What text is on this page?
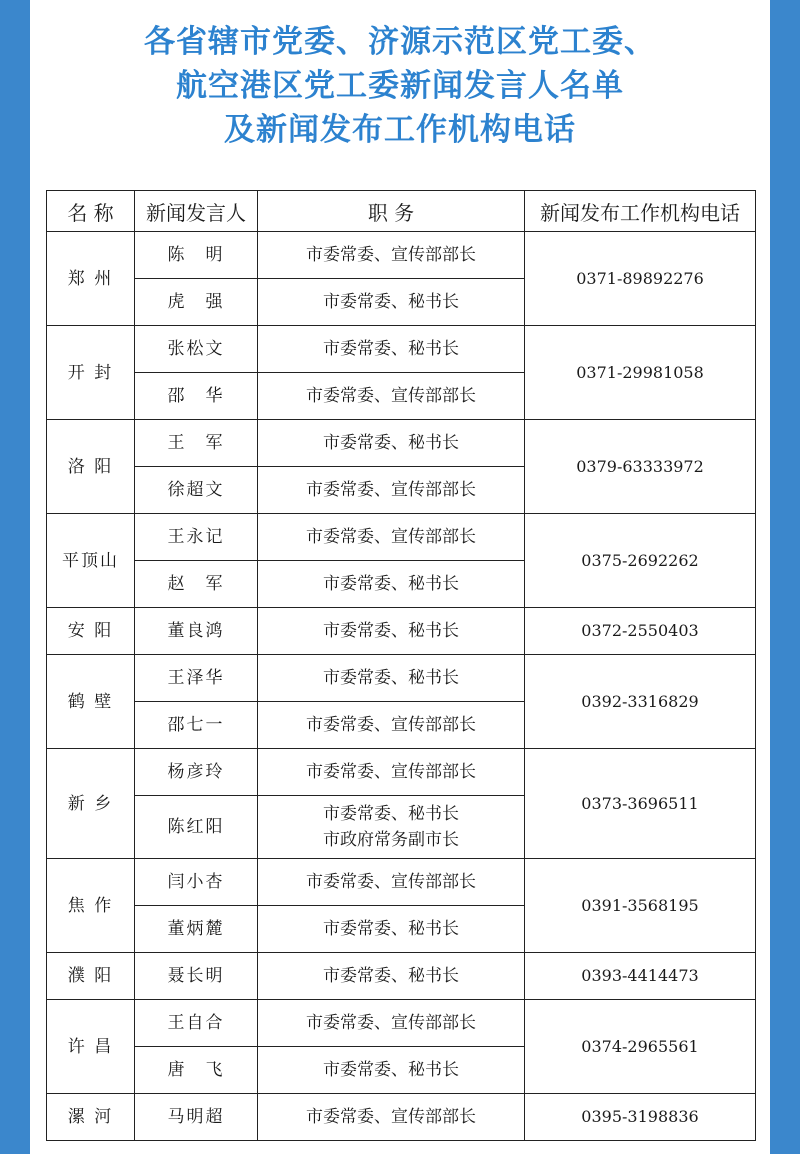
各省辖市党委、济源示范区党工委、
航空港区党工委新闻发言人名单
及新闻发布工作机构电话
名 称	新闻发言人	职 务	新闻发布工作机构电话
郑 州	陈　明	市委常委、宣传部部长	0371-89892276
	虎　强	市委常委、秘书长	

开 封	张松文	市委常委、秘书长	0371-29981058
	邵　华	市委常委、宣传部部长	

洛 阳	王　军	市委常委、秘书长	0379-63333972
	徐超文	市委常委、宣传部部长	

平顶山	王永记	市委常委、宣传部部长	0375-2692262
	赵　军	市委常委、秘书长	

安 阳	董良鸿	市委常委、秘书长	0372-2550403
鹤 壁	王泽华	市委常委、秘书长	0392-3316829
	邵七一	市委常委、宣传部部长	

新 乡	杨彦玲	市委常委、宣传部部长	0373-3696511
	陈红阳	市委常委、秘书长
市政府常务副市长	

焦 作	闫小杏	市委常委、宣传部部长	0391-3568195
	董炳麓	市委常委、秘书长	

濮 阳	聂长明	市委常委、秘书长	0393-4414473
许 昌	王自合	市委常委、宣传部部长	0374-2965561
	唐　飞	市委常委、秘书长	

漯 河	马明超	市委常委、宣传部部长	0395-3198836
